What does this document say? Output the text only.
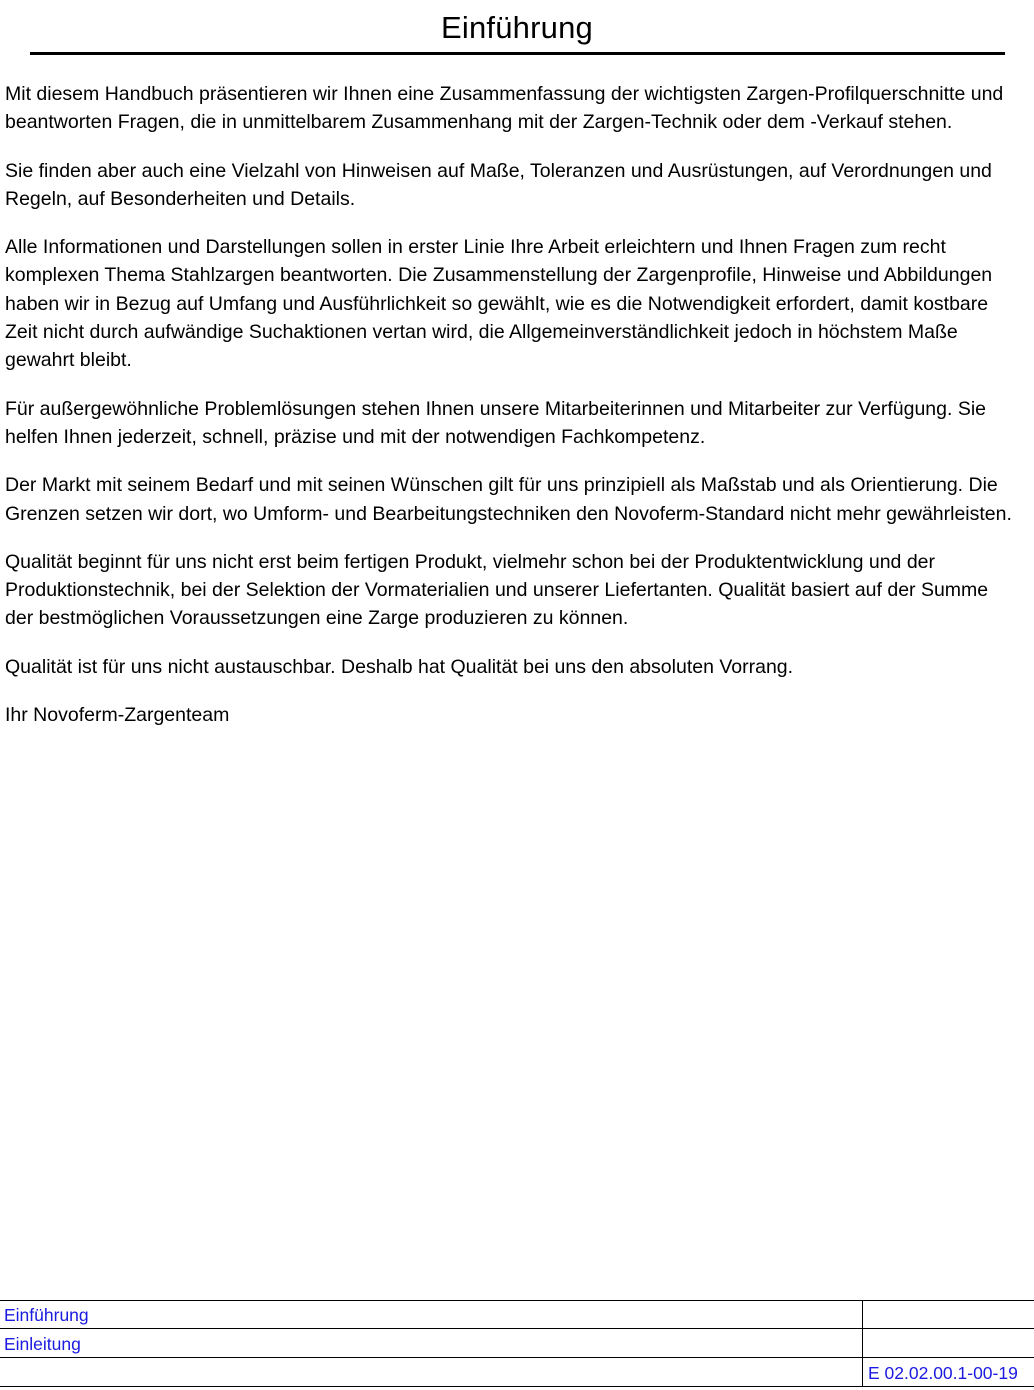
Einführung

Mit diesem Handbuch präsentieren wir Ihnen eine Zusammenfassung der wichtigsten Zargen-Profilquerschnitte und beantworten Fragen, die in unmittelbarem Zusammenhang mit der Zargen-Technik oder dem -Verkauf stehen.

Sie finden aber auch eine Vielzahl von Hinweisen auf Maße, Toleranzen und Ausrüstungen, auf Verordnungen und Regeln, auf Besonderheiten und Details.

Alle Informationen und Darstellungen sollen in erster Linie Ihre Arbeit erleichtern und Ihnen Fragen zum recht komplexen Thema Stahlzargen beantworten. Die Zusammenstellung der Zargenprofile, Hinweise und Abbildungen haben wir in Bezug auf Umfang und Ausführlichkeit so gewählt, wie es die Notwendigkeit erfordert, damit kostbare Zeit nicht durch aufwändige Suchaktionen vertan wird, die Allgemeinverständlichkeit jedoch in höchstem Maße gewahrt bleibt.

Für außergewöhnliche Problemlösungen stehen Ihnen unsere Mitarbeiterinnen und Mitarbeiter zur Verfügung. Sie helfen Ihnen jederzeit, schnell, präzise und mit der notwendigen Fachkompetenz.

Der Markt mit seinem Bedarf und mit seinen Wünschen gilt für uns prinzipiell als Maßstab und als Orientierung. Die Grenzen setzen wir dort, wo Umform- und Bearbeitungstechniken den Novoferm-Standard nicht mehr gewährleisten.

Qualität beginnt für uns nicht erst beim fertigen Produkt, vielmehr schon bei der Produktentwicklung und der Produktionstechnik, bei der Selektion der Vormaterialien und unserer Liefertanten. Qualität basiert auf der Summe der bestmöglichen Voraussetzungen eine Zarge produzieren zu können.

Qualität ist für uns nicht austauschbar. Deshalb hat Qualität bei uns den absoluten Vorrang.

Ihr Novoferm-Zargenteam

Einführung
Einleitung
E 02.02.00.1-00-19
